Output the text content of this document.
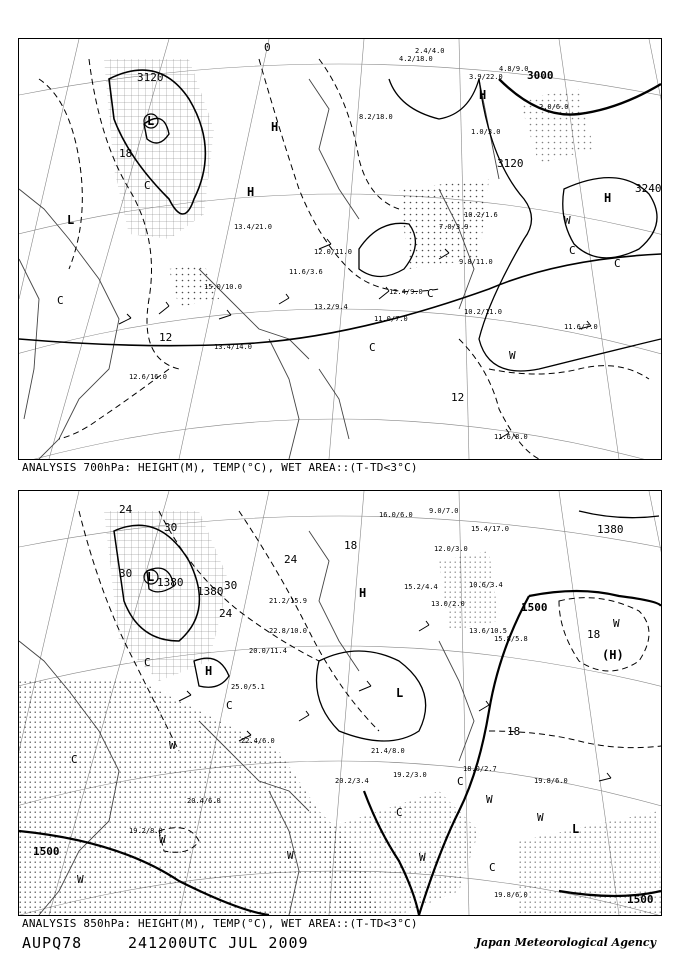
3120	3000
3120
3240
18
12
12
0
H
H
H
H
L
L
C
C
C
C
C
C
W
W
8.2/18.0
4.2/18.0
2.4/4.0
3.9/22.0
4.8/9.0
2.0/6.0
1.0/3.0
10.2/1.6
7.0/3.9
9.8/11.0
12.0/11.0
13.4/21.0
15.0/10.0
13.4/14.0
12.6/16.0
11.6/7.0
10.2/11.0
11.6/8.0
12.4/9.0
11.0/7.0
13.2/9.4
11.6/3.6
ANALYSIS 700hPa: HEIGHT(M), TEMP(°C), WET AREA::(T-TD<3°C)
1380
1380
1380
1500
1500
1500
24
30
30
30
24
24
18
18
18
L
H
H
L
L
(H)
C
C
C
C
C
C
W
W
W	W
W
W
W
W
16.0/6.0
15.4/17.0
9.0/7.0
12.0/3.0
15.2/4.4	10.6/3.4
13.0/2.0
13.6/10.5
15.8/5.8
21.2/15.9
22.8/10.0
20.0/11.4
25.0/5.1
22.4/6.0
20.4/6.0
21.4/8.0
19.2/3.0
18.0/2.7
19.8/6.0
19.8/6.0
20.2/3.4
19.2/8.0
ANALYSIS 850hPa: HEIGHT(M), TEMP(°C), WET AREA::(T-TD<3°C)
AUPQ78	241200UTC JUL 2009	Japan Meteorological Agency
